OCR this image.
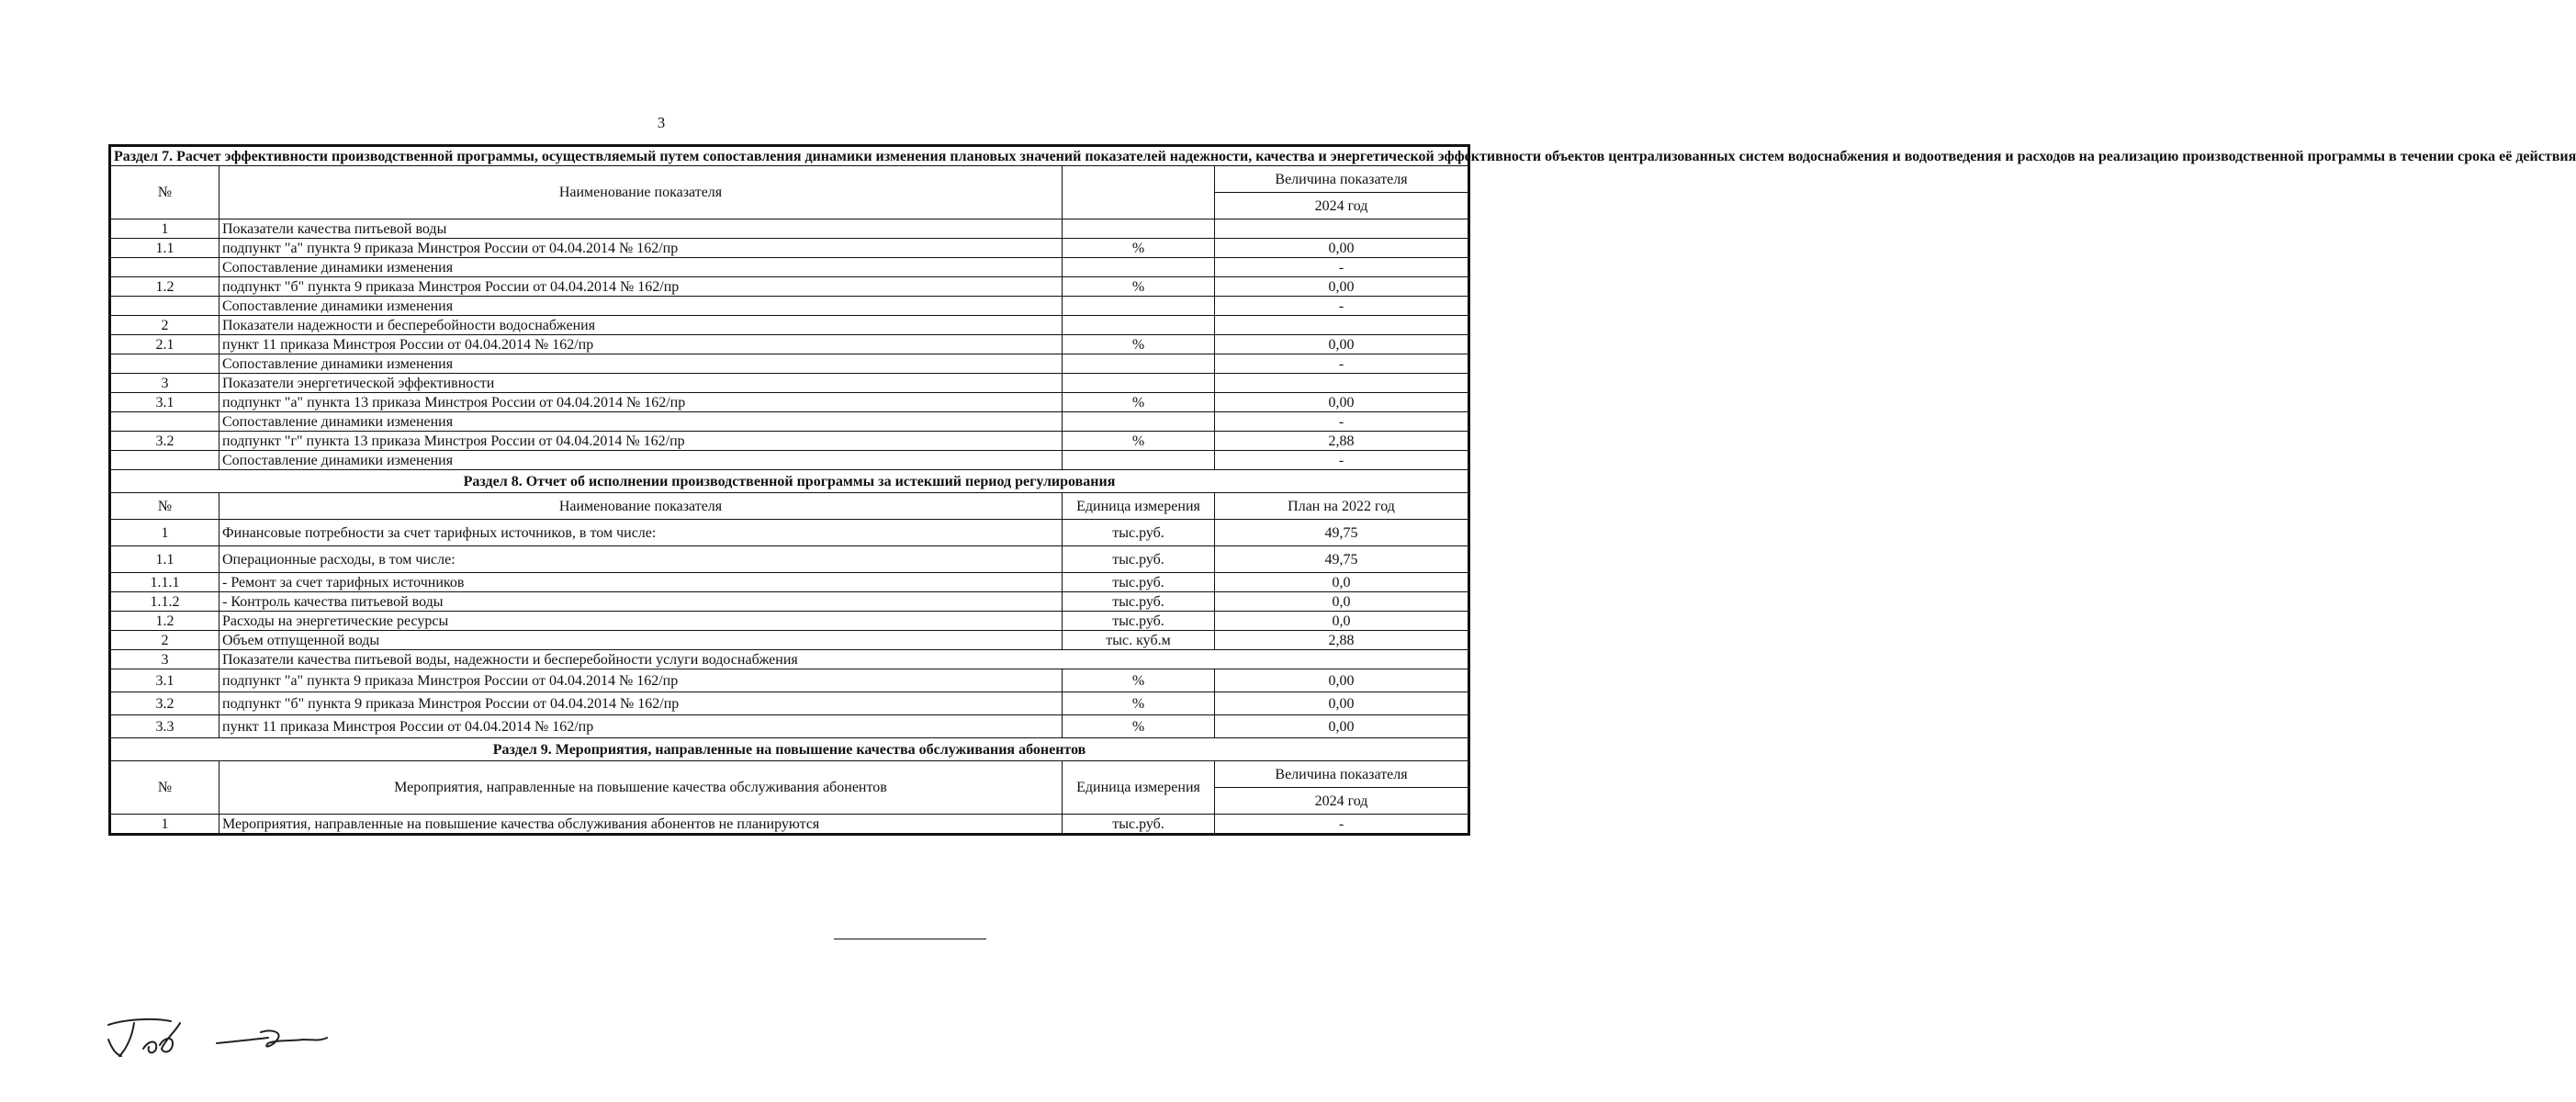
3
Раздел 7. Расчет эффективности производственной программы, осуществляемый путем сопоставления динамики изменения плановых значений показателей надежности, качества и энергетической эффективности объектов централизованных систем водоснабжения и водоотведения и расходов на реализацию производственной программы в течении срока её действия			
№	Наименование показателя		Величина показателя
			2024 год
1	Показатели качества питьевой воды		
1.1	подпункт "а" пункта 9 приказа Минстроя России от 04.04.2014 № 162/пр	%	0,00
	Сопоставление динамики изменения		-
1.2	подпункт "б" пункта 9 приказа Минстроя России от 04.04.2014 № 162/пр	%	0,00
	Сопоставление динамики изменения		-
2	Показатели надежности и бесперебойности водоснабжения		
2.1	пункт 11 приказа Минстроя России от 04.04.2014 № 162/пр	%	0,00
	Сопоставление динамики изменения		-
3	Показатели энергетической эффективности		
3.1	подпункт "а" пункта 13 приказа Минстроя России от 04.04.2014 № 162/пр	%	0,00
	Сопоставление динамики изменения		-
3.2	подпункт "г" пункта 13 приказа Минстроя России от 04.04.2014 № 162/пр	%	2,88
	Сопоставление динамики изменения		-
Раздел 8. Отчет об исполнении производственной программы за истекший период регулирования			
№	Наименование показателя	Единица измерения	План на 2022 год
1	Финансовые потребности за счет тарифных источников, в том числе:	тыс.руб.	49,75
1.1	Операционные расходы, в том числе:	тыс.руб.	49,75
1.1.1	- Ремонт за счет тарифных источников	тыс.руб.	0,0
1.1.2	- Контроль качества питьевой воды	тыс.руб.	0,0
1.2	Расходы на энергетические ресурсы	тыс.руб.	0,0
2	Объем отпущенной воды	тыс. куб.м	2,88
3	Показатели качества питьевой воды, надежности и бесперебойности услуги водоснабжения		
3.1	подпункт "а" пункта 9 приказа Минстроя России от 04.04.2014 № 162/пр	%	0,00
3.2	подпункт "б" пункта 9 приказа Минстроя России от 04.04.2014 № 162/пр	%	0,00
3.3	пункт 11 приказа Минстроя России от 04.04.2014 № 162/пр	%	0,00
Раздел 9. Мероприятия, направленные на повышение качества обслуживания абонентов			
№	Мероприятия, направленные на повышение качества обслуживания абонентов	Единица измерения	Величина показателя
			2024 год
1	Мероприятия, направленные на повышение качества обслуживания абонентов не планируются	тыс.руб.	-
